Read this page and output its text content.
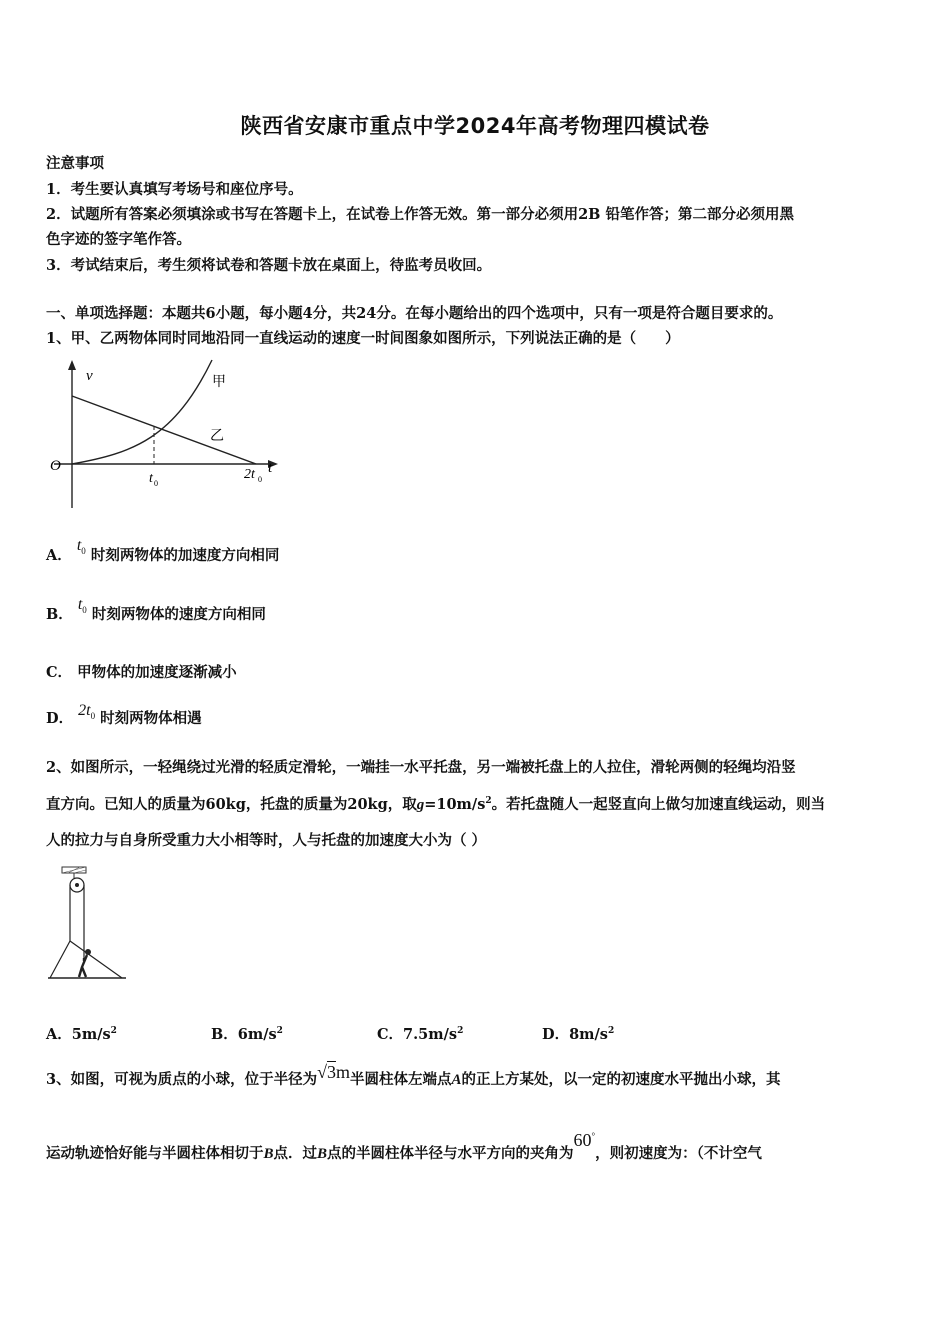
陕西省安康市重点中学2024年高考物理四模试卷
注意事项
1．考生要认真填写考场号和座位序号。
2．试题所有答案必须填涂或书写在答题卡上，在试卷上作答无效。第一部分必须用2B 铅笔作答；第二部分必须用黑
色字迹的签字笔作答。
3．考试结束后，考生须将试卷和答题卡放在桌面上，待监考员收回。
一、单项选择题：本题共6小题，每小题4分，共24分。在每小题给出的四个选项中，只有一项是符合题目要求的。
1、甲、乙两物体同时同地沿同一直线运动的速度一时间图象如图所示，下列说法正确的是（　　）
v
O	t
甲
乙
t 0
2t 0
A． $t_0$ 时刻两物体的加速度方向相同
B． $t_0$ 时刻两物体的速度方向相同
C． 甲物体的加速度逐渐减小
D． $2t_0$ 时刻两物体相遇
2、如图所示，一轻绳绕过光滑的轻质定滑轮，一端挂一水平托盘，另一端被托盘上的人拉住，滑轮两侧的轻绳均沿竖
直方向。已知人的质量为60kg，托盘的质量为20kg，取$g=10m/s^2$。若托盘随人一起竖直向上做匀加速直线运动，则当
人的拉力与自身所受重力大小相等时，人与托盘的加速度大小为（ ）
A．$5m/s^2$	B．$6m/s^2$	C．$7.5m/s^2$	D．$8m/s^2$
3、如图，可视为质点的小球，位于半径为√3m半圆柱体左端点A的正上方某处，以一定的初速度水平抛出小球，其
运动轨迹恰好能与半圆柱体相切于B点．过B点的半圆柱体半径与水平方向的夹角为60°，则初速度为：（不计空气
